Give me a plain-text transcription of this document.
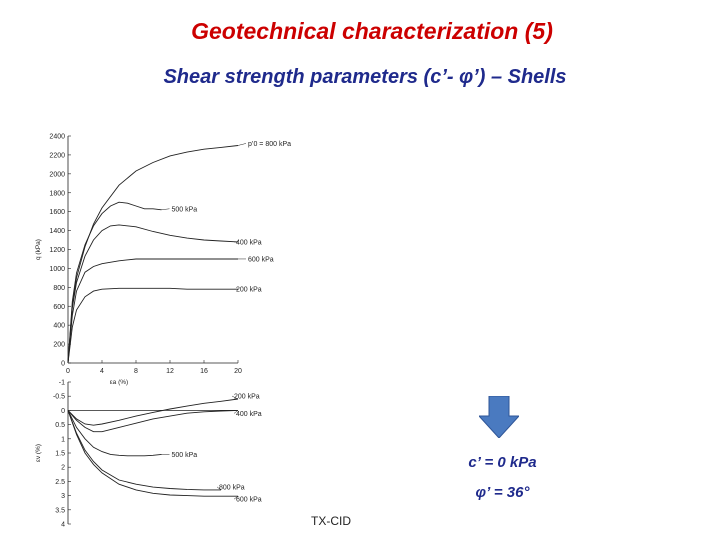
Geotechnical characterization (5)
Shear strength parameters (c’- φ’) – Shells
0
200
400
600
800
1000
1200
1400
1600
1800
2000
2200
2400
0	4	8	12	16	20
q (kPa)
εa (%)
p’0 = 800 kPa
500 kPa
400 kPa
600 kPa
200 kPa
-1
-0.5
0
0.5
1
1.5
2
2.5
3
3.5
4
εv (%)
200 kPa
400 kPa
500 kPa
800 kPa
600 kPa
c’ = 0 kPa
φ’ = 36°
TX-CID
